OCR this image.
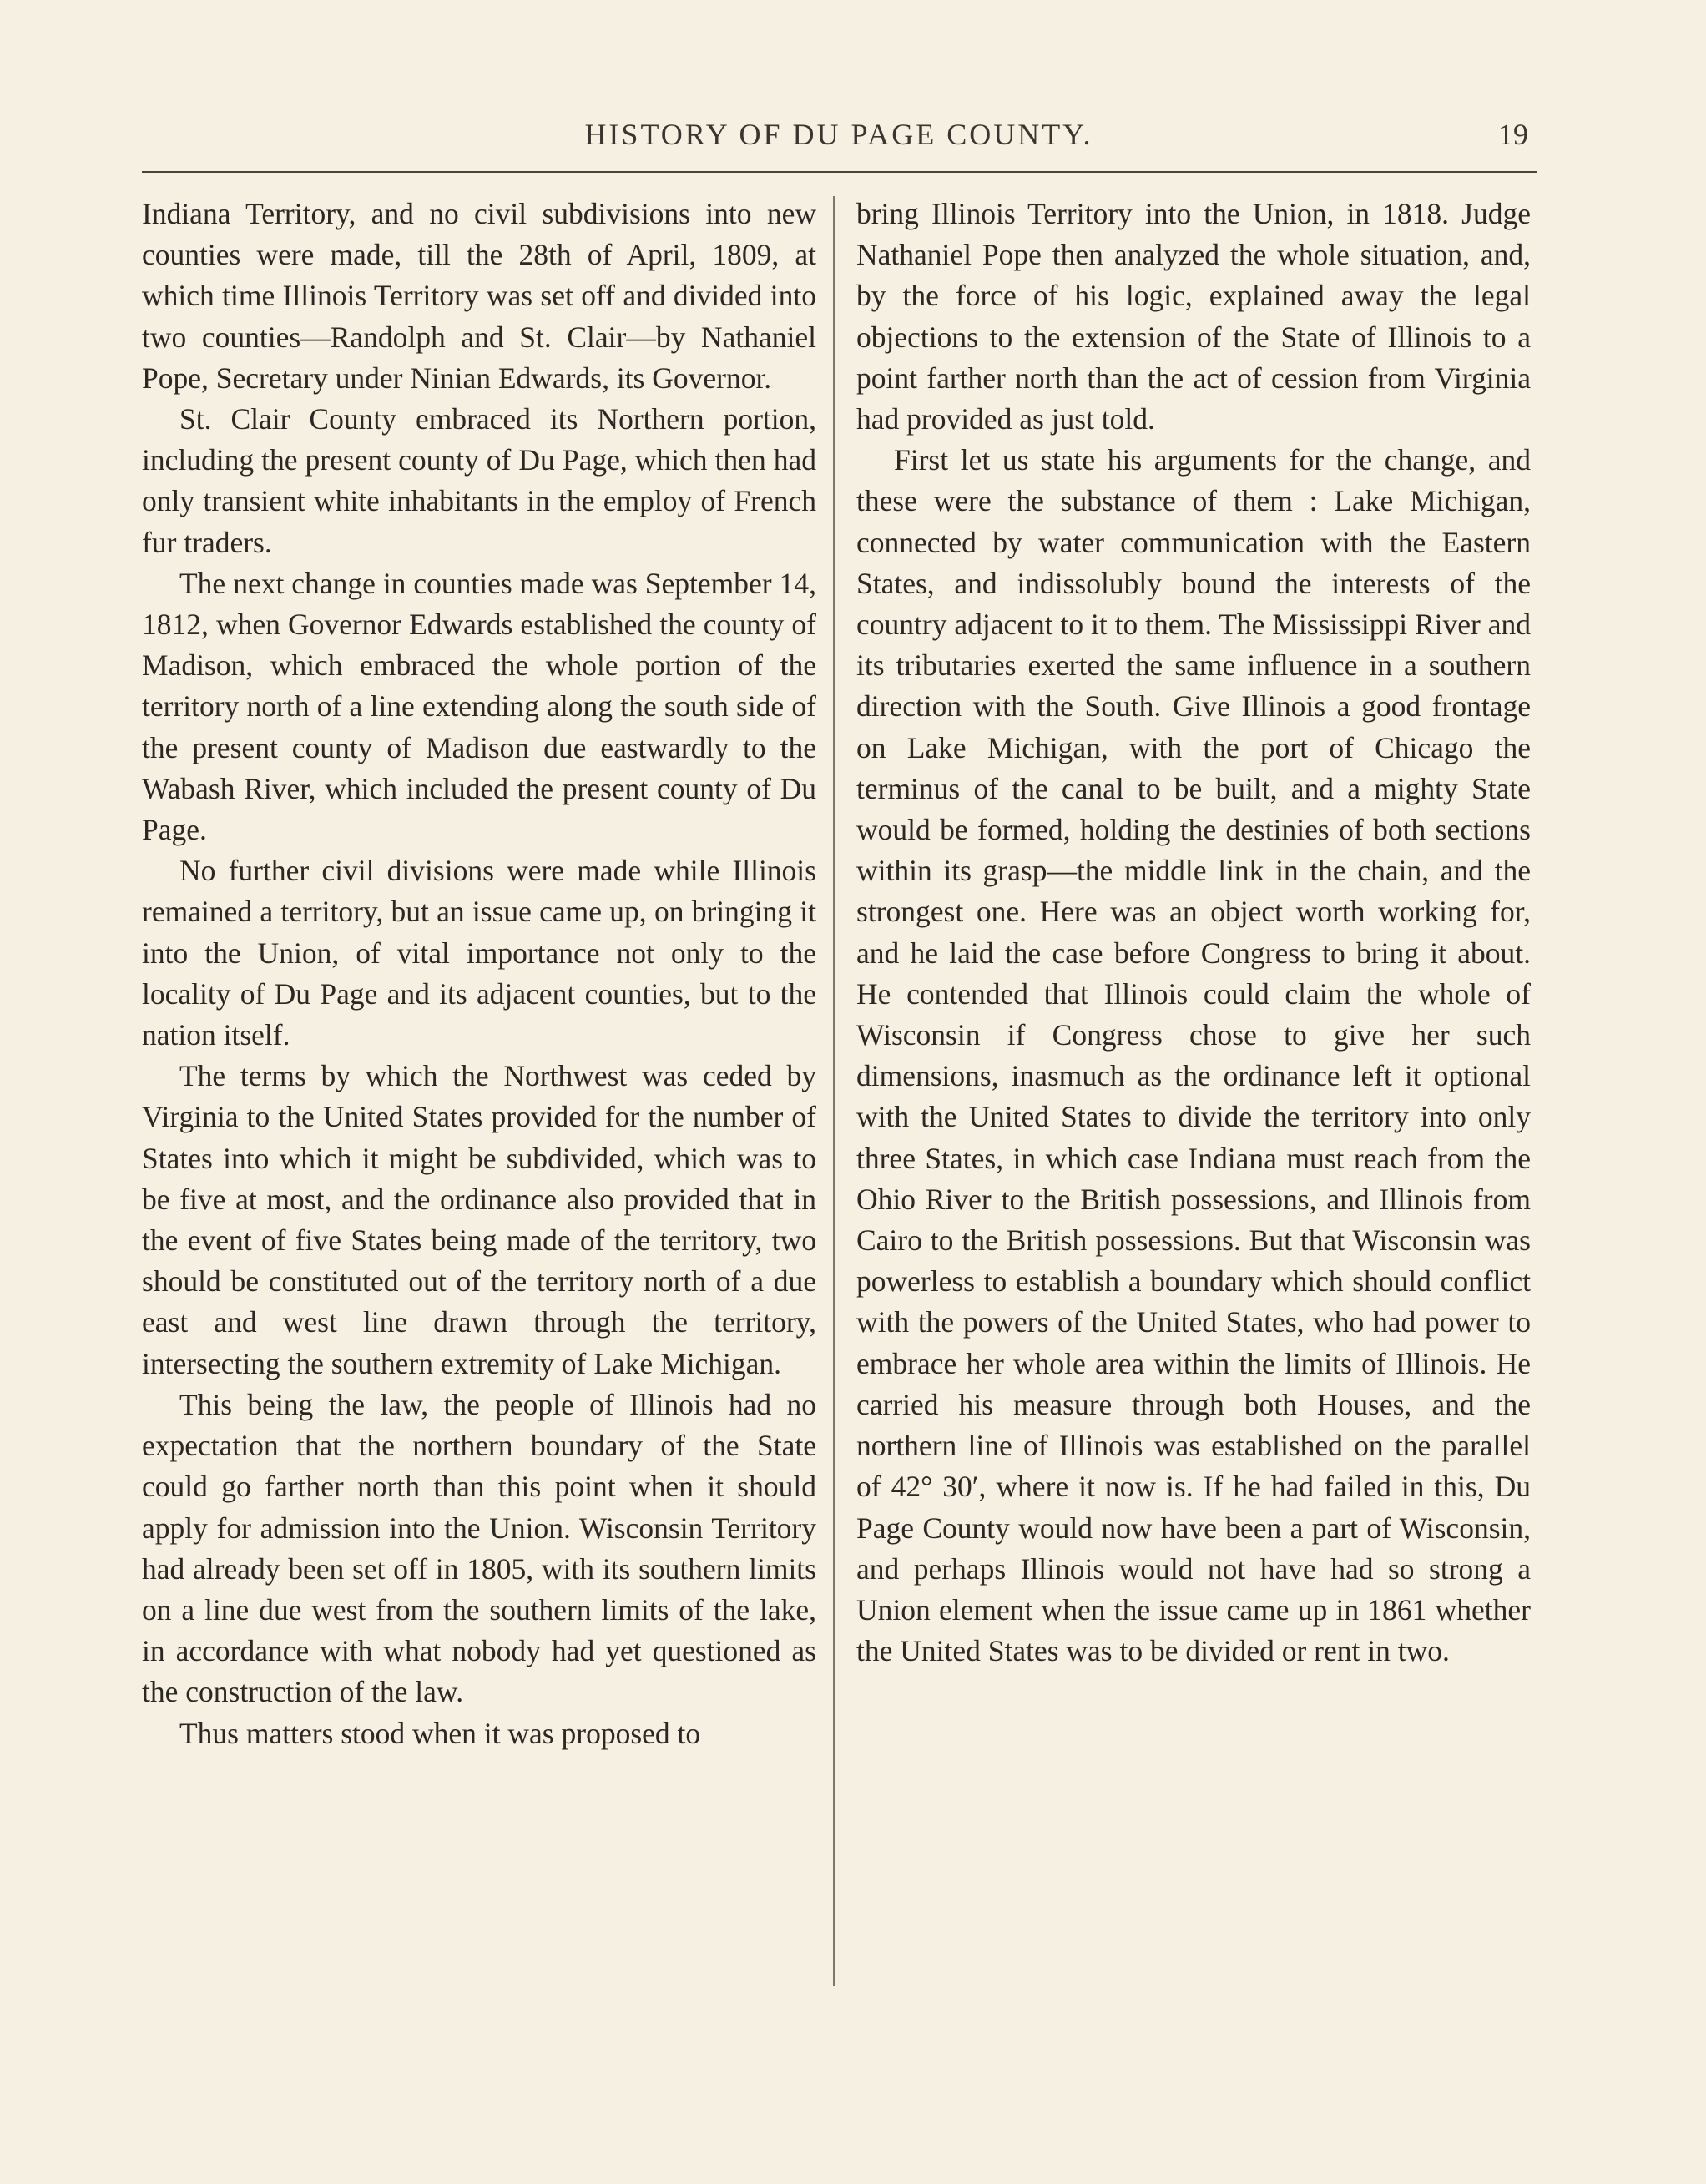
HISTORY OF DU PAGE COUNTY.	19

Indiana Territory, and no civil subdivisions into new counties were made, till the 28th of April, 1809, at which time Illinois Territory was set off and divided into two counties—Randolph and St. Clair—by Nathaniel Pope, Secretary under Ninian Edwards, its Governor.

St. Clair County embraced its Northern portion, including the present county of Du Page, which then had only transient white inhabitants in the employ of French fur traders.

The next change in counties made was September 14, 1812, when Governor Edwards established the county of Madison, which embraced the whole portion of the territory north of a line extending along the south side of the present county of Madison due eastwardly to the Wabash River, which included the present county of Du Page.

No further civil divisions were made while Illinois remained a territory, but an issue came up, on bringing it into the Union, of vital importance not only to the locality of Du Page and its adjacent counties, but to the nation itself.

The terms by which the Northwest was ceded by Virginia to the United States provided for the number of States into which it might be subdivided, which was to be five at most, and the ordinance also provided that in the event of five States being made of the territory, two should be constituted out of the territory north of a due east and west line drawn through the territory, intersecting the southern extremity of Lake Michigan.

This being the law, the people of Illinois had no expectation that the northern boundary of the State could go farther north than this point when it should apply for admission into the Union. Wisconsin Territory had already been set off in 1805, with its southern limits on a line due west from the southern limits of the lake, in accordance with what nobody had yet questioned as the construction of the law.

Thus matters stood when it was proposed to

bring Illinois Territory into the Union, in 1818. Judge Nathaniel Pope then analyzed the whole situation, and, by the force of his logic, explained away the legal objections to the extension of the State of Illinois to a point farther north than the act of cession from Virginia had provided as just told.

First let us state his arguments for the change, and these were the substance of them : Lake Michigan, connected by water communication with the Eastern States, and indissolubly bound the interests of the country adjacent to it to them. The Mississippi River and its tributaries exerted the same influence in a southern direction with the South. Give Illinois a good frontage on Lake Michigan, with the port of Chicago the terminus of the canal to be built, and a mighty State would be formed, holding the destinies of both sections within its grasp—the middle link in the chain, and the strongest one. Here was an object worth working for, and he laid the case before Congress to bring it about. He contended that Illinois could claim the whole of Wisconsin if Congress chose to give her such dimensions, inasmuch as the ordinance left it optional with the United States to divide the territory into only three States, in which case Indiana must reach from the Ohio River to the British possessions, and Illinois from Cairo to the British possessions. But that Wisconsin was powerless to establish a boundary which should conflict with the powers of the United States, who had power to embrace her whole area within the limits of Illinois. He carried his measure through both Houses, and the northern line of Illinois was established on the parallel of 42° 30′, where it now is. If he had failed in this, Du Page County would now have been a part of Wisconsin, and perhaps Illinois would not have had so strong a Union element when the issue came up in 1861 whether the United States was to be divided or rent in two.
